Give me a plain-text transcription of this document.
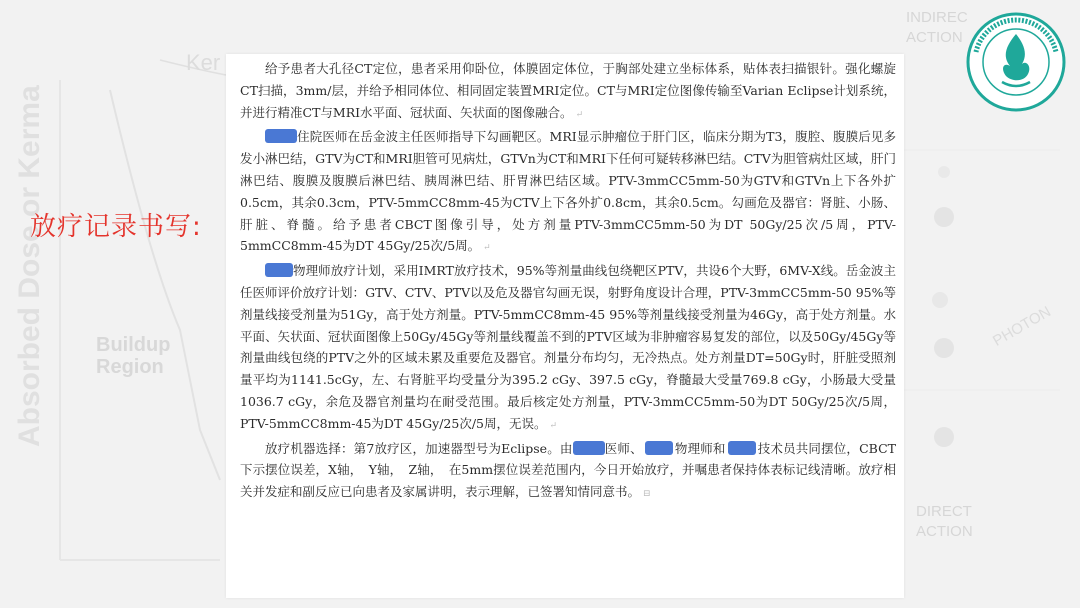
Absorbed Dose or Kerma
Ker
Buildup
Region
INDIREC
ACTION
DIRECT
ACTION
PHOTON
放疗记录书写:

给予患者大孔径CT定位，患者采用仰卧位，体膜固定体位，于胸部处建立坐标体系，贴体表扫描银针。强化螺旋CT扫描，3mm/层，并给予相同体位、相同固定装置MRI定位。CT与MRI定位图像传输至Varian Eclipse计划系统，并进行精准CT与MRI水平面、冠状面、矢状面的图像融合。 ↵

住院医师在岳金波主任医师指导下勾画靶区。MRI显示肿瘤位于肝门区，临床分期为T3，腹腔、腹膜后见多发小淋巴结，GTV为CT和MRI胆管可见病灶，GTVn为CT和MRI下任何可疑转移淋巴结。CTV为胆管病灶区域，肝门淋巴结、腹膜及腹膜后淋巴结、胰周淋巴结、肝胃淋巴结区域。PTV-3mmCC5mm-50为GTV和GTVn上下各外扩0.5cm，其余0.3cm，PTV-5mmCC8mm-45为CTV上下各外扩0.8cm，其余0.5cm。勾画危及器官：肾脏、小肠、肝脏、脊髓。给予患者CBCT图像引导，处方剂量PTV-3mmCC5mm-50为DT 50Gy/25次/5周，PTV-5mmCC8mm-45为DT 45Gy/25次/5周。 ↵

物理师放疗计划，采用IMRT放疗技术，95%等剂量曲线包绕靶区PTV，共设6个大野，6MV-X线。岳金波主任医师评价放疗计划：GTV、CTV、PTV以及危及器官勾画无误，射野角度设计合理，PTV-3mmCC5mm-50 95%等剂量线接受剂量为51Gy，高于处方剂量。PTV-5mmCC8mm-45 95%等剂量线接受剂量为46Gy，高于处方剂量。水平面、矢状面、冠状面图像上50Gy/45Gy等剂量线覆盖不到的PTV区域为非肿瘤容易复发的部位，以及50Gy/45Gy等剂量曲线包绕的PTV之外的区域未累及重要危及器官。剂量分布均匀，无冷热点。处方剂量DT=50Gy时，肝脏受照剂量平均为1141.5cGy，左、右肾脏平均受量分为395.2 cGy、397.5 cGy，脊髓最大受量769.8 cGy，小肠最大受量1036.7 cGy，余危及器官剂量均在耐受范围。最后核定处方剂量，PTV-3mmCC5mm-50为DT 50Gy/25次/5周，PTV-5mmCC8mm-45为DT 45Gy/25次/5周，无误。 ↵

放疗机器选择：第7放疗区，加速器型号为Eclipse。由	医师、	物理师和	技术员共同摆位，CBCT下示摆位误差，X轴，　Y轴，　Z轴，　在5mm摆位误差范围内，今日开始放疗，并嘱患者保持体表标记线清晰。放疗相关并发症和副反应已向患者及家属讲明，表示理解，已签署知情同意书。 ⊟
